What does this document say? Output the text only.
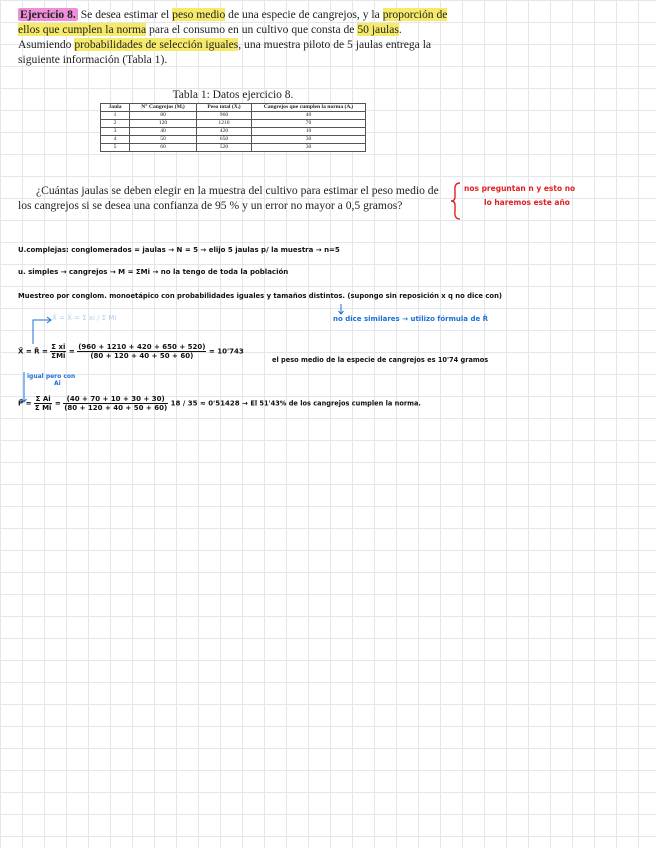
Ejercicio 8. Se desea estimar el peso medio de una especie de cangrejos, y la proporción de ellos que cumplen la norma para el consumo en un cultivo que consta de 50 jaulas. Asumiendo probabilidades de selección iguales, una muestra piloto de 5 jaulas entrega la siguiente información (Tabla 1).
Tabla 1: Datos ejercicio 8.
Jaula	N° Cangrejos (Mᵢ)	Peso total (Xᵢ)	Cangrejos que cumplen la norma (Aᵢ)
1	80	960	40
2	120	1210	70
3	40	420	10
4	50	650	30
5	60	520	30
¿Cuántas jaulas se deben elegir en la muestra del cultivo para estimar el peso medio de los cangrejos si se desea una confianza de 95 % y un error no mayor a 0,5 gramos?
nos preguntan n y esto no
lo haremos este año
U.complejas: conglomerados = jaulas → N = 5 → elijo 5 jaulas p/ la muestra → n=5
u. simples → cangrejos → M = ΣMi → no la tengo de toda la población
Muestreo por conglom. monoetápico con probabilidades iguales y tamaños distintos. (supongo sin reposición x q no dice con)
X̂ = X̂ = Σ xi / Σ Mi	no dice similares → utilizo fórmula de R̂
X̂ = R̂ = $\frac{\text{Σ xi}}{\text{ΣMi}} = \frac{(960 + 1210 + 420 + 650 + 520)}{(80 + 120 + 40 + 50 + 60)} = 10'743$
el peso medio de la especie de cangrejos es 10'74 gramos
igual pero con
Ai
P̂ = $\frac{\text{Σ Ai}}{\text{Σ Mi}} = \frac{(40 + 70 + 10 + 30 + 30)}{(80 + 120 + 40 + 50 + 60)} 18 / 35 \approx 0'51428 \to El$ 51'43% de los cangrejos cumplen la norma.
